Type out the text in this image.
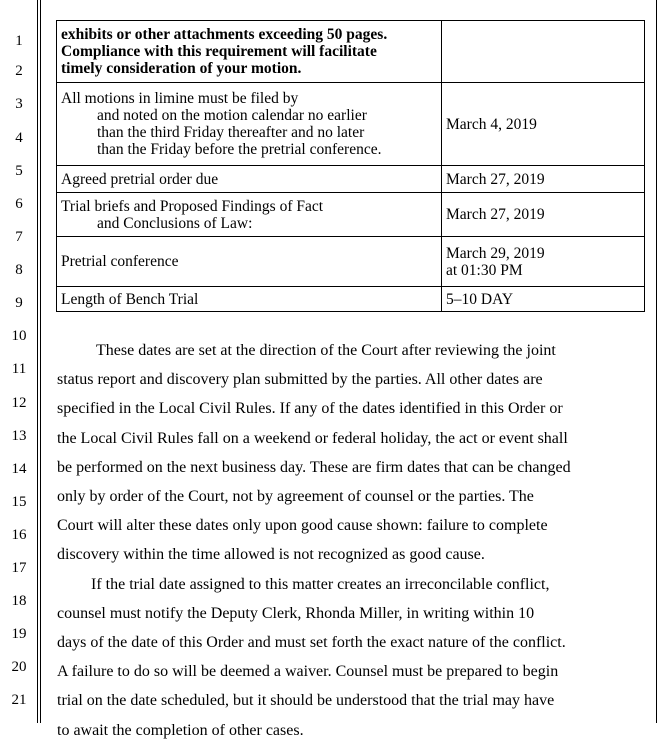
1
2
3
4
5
6
7
8
9
10
11
12
13
14
15
16
17
18
19
20
21
exhibits or other attachments exceeding 50 pages.
Compliance with this requirement will facilitate
timely consideration of your motion.	

All motions in limine must be filed by
and noted on the motion calendar no earlier
than the third Friday thereafter and no later
than the Friday before the pretrial conference.	March 4, 2019

Agreed pretrial order due	March 27, 2019

Trial briefs and Proposed Findings of Fact
and Conclusions of Law:	March 27, 2019

Pretrial conference	March 29, 2019
at 01:30 PM

Length of Bench Trial	5–10 DAY
These dates are set at the direction of the Court after reviewing the joint
status report and discovery plan submitted by the parties. All other dates are
specified in the Local Civil Rules. If any of the dates identified in this Order or
the Local Civil Rules fall on a weekend or federal holiday, the act or event shall
be performed on the next business day. These are firm dates that can be changed
only by order of the Court, not by agreement of counsel or the parties. The
Court will alter these dates only upon good cause shown: failure to complete
discovery within the time allowed is not recognized as good cause.
If the trial date assigned to this matter creates an irreconcilable conflict,
counsel must notify the Deputy Clerk, Rhonda Miller, in writing within 10
days of the date of this Order and must set forth the exact nature of the conflict.
A failure to do so will be deemed a waiver. Counsel must be prepared to begin
trial on the date scheduled, but it should be understood that the trial may have
to await the completion of other cases.
